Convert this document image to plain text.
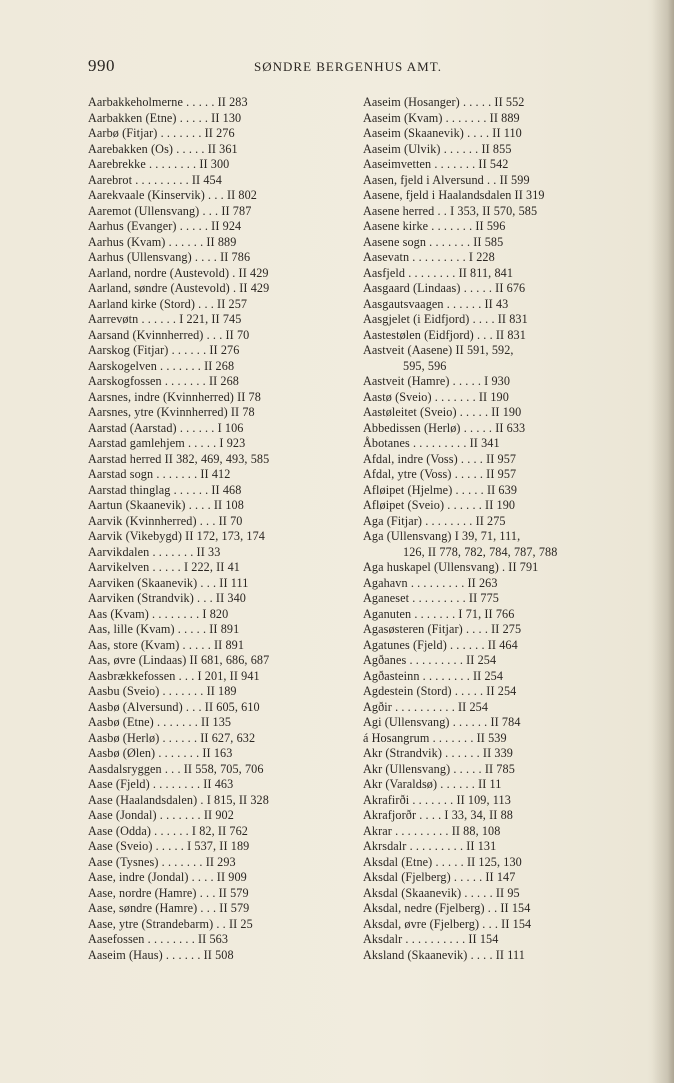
990	SØNDRE BERGENHUS AMT.
Aarbakkeholmerne . . . . . II 283
Aarbakken (Etne) . . . . . II 130
Aarbø (Fitjar) . . . . . . . II 276
Aarebakken (Os) . . . . . II 361
Aarebrekke . . . . . . . . II 300
Aarebrot . . . . . . . . . II 454
Aarekvaale (Kinservik) . . . II 802
Aaremot (Ullensvang) . . . II 787
Aarhus (Evanger) . . . . . II 924
Aarhus (Kvam) . . . . . . II 889
Aarhus (Ullensvang) . . . . II 786
Aarland, nordre (Austevold) . II 429
Aarland, søndre (Austevold) . II 429
Aarland kirke (Stord) . . . II 257
Aarrevøtn . . . . . . I 221, II 745
Aarsand (Kvinnherred) . . . II 70
Aarskog (Fitjar) . . . . . . II 276
Aarskogelven . . . . . . . II 268
Aarskogfossen . . . . . . . II 268
Aarsnes, indre (Kvinnherred) II 78
Aarsnes, ytre (Kvinnherred) II 78
Aarstad (Aarstad) . . . . . . I 106
Aarstad gamlehjem . . . . . I 923
Aarstad herred II 382, 469, 493, 585
Aarstad sogn . . . . . . . II 412
Aarstad thinglag . . . . . . II 468
Aartun (Skaanevik) . . . . II 108
Aarvik (Kvinnherred) . . . II 70
Aarvik (Vikebygd) II 172, 173, 174
Aarvikdalen . . . . . . . II 33
Aarvikelven . . . . . I 222, II 41
Aarviken (Skaanevik) . . . II 111
Aarviken (Strandvik) . . . II 340
Aas (Kvam) . . . . . . . . I 820
Aas, lille (Kvam) . . . . . II 891
Aas, store (Kvam) . . . . . II 891
Aas, øvre (Lindaas) II 681, 686, 687
Aasbrækkefossen . . . I 201, II 941
Aasbu (Sveio) . . . . . . . II 189
Aasbø (Alversund) . . . II 605, 610
Aasbø (Etne) . . . . . . . II 135
Aasbø (Herlø) . . . . . . II 627, 632
Aasbø (Ølen) . . . . . . . II 163
Aasdalsryggen . . . II 558, 705, 706
Aase (Fjeld) . . . . . . . . II 463
Aase (Haalandsdalen) . I 815, II 328
Aase (Jondal) . . . . . . . II 902
Aase (Odda) . . . . . . I 82, II 762
Aase (Sveio) . . . . . I 537, II 189
Aase (Tysnes) . . . . . . . II 293
Aase, indre (Jondal) . . . . II 909
Aase, nordre (Hamre) . . . II 579
Aase, søndre (Hamre) . . . II 579
Aase, ytre (Strandebarm) . . II 25
Aasefossen . . . . . . . . II 563
Aaseim (Haus) . . . . . . II 508
Aaseim (Hosanger) . . . . . II 552
Aaseim (Kvam) . . . . . . . II 889
Aaseim (Skaanevik) . . . . II 110
Aaseim (Ulvik) . . . . . . II 855
Aaseimvetten . . . . . . . II 542
Aasen, fjeld i Alversund . . II 599
Aasene, fjeld i Haalandsdalen II 319
Aasene herred . . I 353, II 570, 585
Aasene kirke . . . . . . . II 596
Aasene sogn . . . . . . . II 585
Aasevatn . . . . . . . . . I 228
Aasfjeld . . . . . . . . II 811, 841
Aasgaard (Lindaas) . . . . . II 676
Aasgautsvaagen . . . . . . II 43
Aasgjelet (i Eidfjord) . . . . II 831
Aastestølen (Eidfjord) . . . II 831
Aastveit (Aasene) II 591, 592,
595, 596
Aastveit (Hamre) . . . . . I 930
Aastø (Sveio) . . . . . . . II 190
Aastøleitet (Sveio) . . . . . II 190
Abbedissen (Herlø) . . . . . II 633
Åbotanes . . . . . . . . . II 341
Afdal, indre (Voss) . . . . II 957
Afdal, ytre (Voss) . . . . . II 957
Afløipet (Hjelme) . . . . . II 639
Afløipet (Sveio) . . . . . . II 190
Aga (Fitjar) . . . . . . . . II 275
Aga (Ullensvang) I 39, 71, 111,
126, II 778, 782, 784, 787, 788
Aga huskapel (Ullensvang) . II 791
Agahavn . . . . . . . . . II 263
Aganeset . . . . . . . . . II 775
Aganuten . . . . . . . I 71, II 766
Agasøsteren (Fitjar) . . . . II 275
Agatunes (Fjeld) . . . . . . II 464
Agðanes . . . . . . . . . II 254
Agðasteinn . . . . . . . . II 254
Agdestein (Stord) . . . . . II 254
Agðir . . . . . . . . . . II 254
Agi (Ullensvang) . . . . . . II 784
á Hosangrum . . . . . . . II 539
Akr (Strandvik) . . . . . . II 339
Akr (Ullensvang) . . . . . II 785
Akr (Varaldsø) . . . . . . II 11
Akrafirði . . . . . . . II 109, 113
Akrafjorðr . . . . I 33, 34, II 88
Akrar . . . . . . . . . II 88, 108
Akrsdalr . . . . . . . . . II 131
Aksdal (Etne) . . . . . II 125, 130
Aksdal (Fjelberg) . . . . . II 147
Aksdal (Skaanevik) . . . . . II 95
Aksdal, nedre (Fjelberg) . . II 154
Aksdal, øvre (Fjelberg) . . . II 154
Aksdalr . . . . . . . . . . II 154
Aksland (Skaanevik) . . . . II 111
